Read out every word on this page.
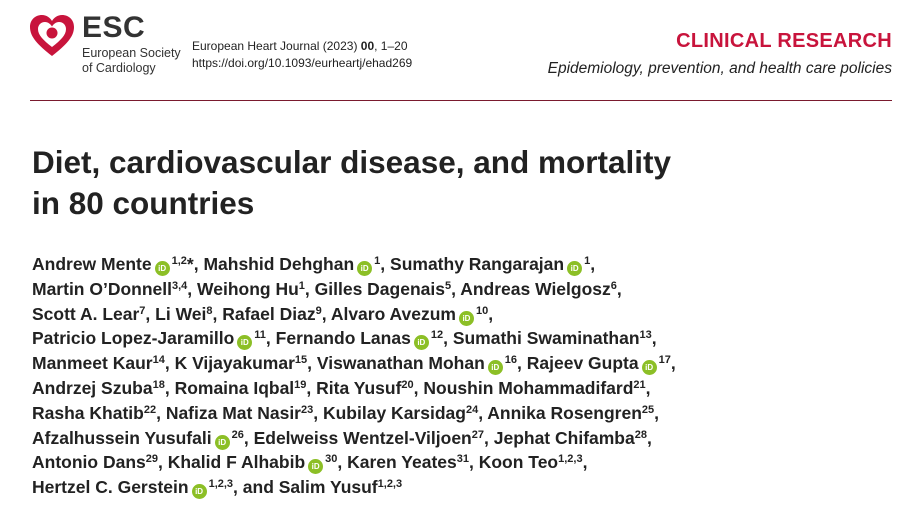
ESC
European Society
of Cardiology
European Heart Journal (2023) 00, 1–20
https://doi.org/10.1093/eurheartj/ehad269
CLINICAL RESEARCH
Epidemiology, prevention, and health care policies
Diet, cardiovascular disease, and mortality
in 80 countries
Andrew Mente iD$^{1,2}$*, Mahshid Dehghan $iD^1$, Sumathy Rangarajan $iD^1$,
Martin O’Donnell$^{3,4}$, Weihong Hu$^1$, Gilles Dagenais$^5$, Andreas Wielgosz$^6$,
Scott A. Lear$^7$, Li Wei$^8$, Rafael Diaz$^9$, Alvaro Avezum $iD^{10}$,
Patricio Lopez-Jaramillo $iD^{11}$, Fernando Lanas $iD^{12}$, Sumathi Swaminathan$^{13}$,
Manmeet Kaur$^{14}$, K Vijayakumar$^{15}$, Viswanathan Mohan $iD^{16}$, Rajeev Gupta $iD^{17}$,
Andrzej Szuba$^{18}$, Romaina Iqbal$^{19}$, Rita Yusuf$^{20}$, Noushin Mohammadifard$^{21}$,
Rasha Khatib$^{22}$, Nafiza Mat Nasir$^{23}$, Kubilay Karsidag$^{24}$, Annika Rosengren$^{25}$,
Afzalhussein Yusufali $iD^{26}$, Edelweiss Wentzel-Viljoen$^{27}$, Jephat Chifamba$^{28}$,
Antonio Dans$^{29}$, Khalid F Alhabib $iD^{30}$, Karen Yeates$^{31}$, Koon Teo$^{1,2,3}$,
Hertzel C. Gerstein iD$^{1,2,3}$, and Salim Yusuf$^{1,2,3}$
